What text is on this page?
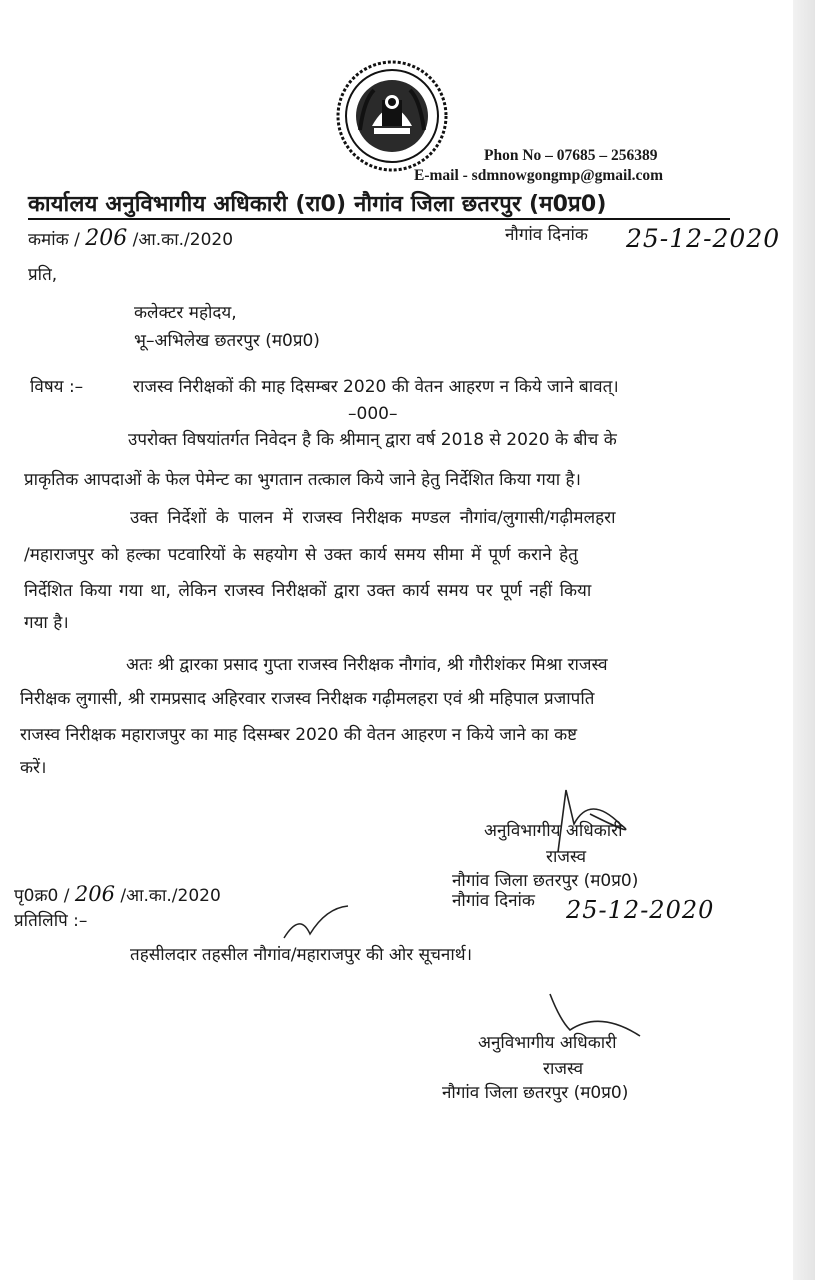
Phon No – 07685 – 256389
E-mail - sdmnowgongmp@gmail.com
कार्यालय अनुविभागीय अधिकारी (रा0) नौगांव जिला छतरपुर (म0प्र0)
कमांक / 206 /आ.का./2020	नौगांव दिनांक 25-12-2020
प्रति,
कलेक्टर महोदय,
भू–अभिलेख छतरपुर (म0प्र0)
विषय :–	राजस्व निरीक्षकों की माह दिसम्बर 2020 की वेतन आहरण न किये जाने बावत्।
–000–
उपरोक्त विषयांतर्गत निवेदन है कि श्रीमान् द्वारा वर्ष 2018 से 2020 के बीच के
प्राकृतिक आपदाओं के फेल पेमेन्ट का भुगतान तत्काल किये जाने हेतु निर्देशित किया गया है।
उक्त निर्देशों के पालन में राजस्व निरीक्षक मण्डल नौगांव/लुगासी/गढ़ीमलहरा
/महाराजपुर को हल्का पटवारियों के सहयोग से उक्त कार्य समय सीमा में पूर्ण कराने हेतु
निर्देशित किया गया था, लेकिन राजस्व निरीक्षकों द्वारा उक्त कार्य समय पर पूर्ण नहीं किया
गया है।
अतः श्री द्वारका प्रसाद गुप्ता राजस्व निरीक्षक नौगांव, श्री गौरीशंकर मिश्रा राजस्व
निरीक्षक लुगासी, श्री रामप्रसाद अहिरवार राजस्व निरीक्षक गढ़ीमलहरा एवं श्री महिपाल प्रजापति
राजस्व निरीक्षक महाराजपुर का माह दिसम्बर 2020 की वेतन आहरण न किये जाने का कष्ट
करें।
अनुविभागीय अधिकारी
राजस्व
नौगांव जिला छतरपुर (म0प्र0)
पृ0क्र0 / 206 /आ.का./2020	नौगांव दिनांक 25-12-2020
प्रतिलिपि :–
तहसीलदार तहसील नौगांव/महाराजपुर की ओर सूचनार्थ।
अनुविभागीय अधिकारी
राजस्व
नौगांव जिला छतरपुर (म0प्र0)
